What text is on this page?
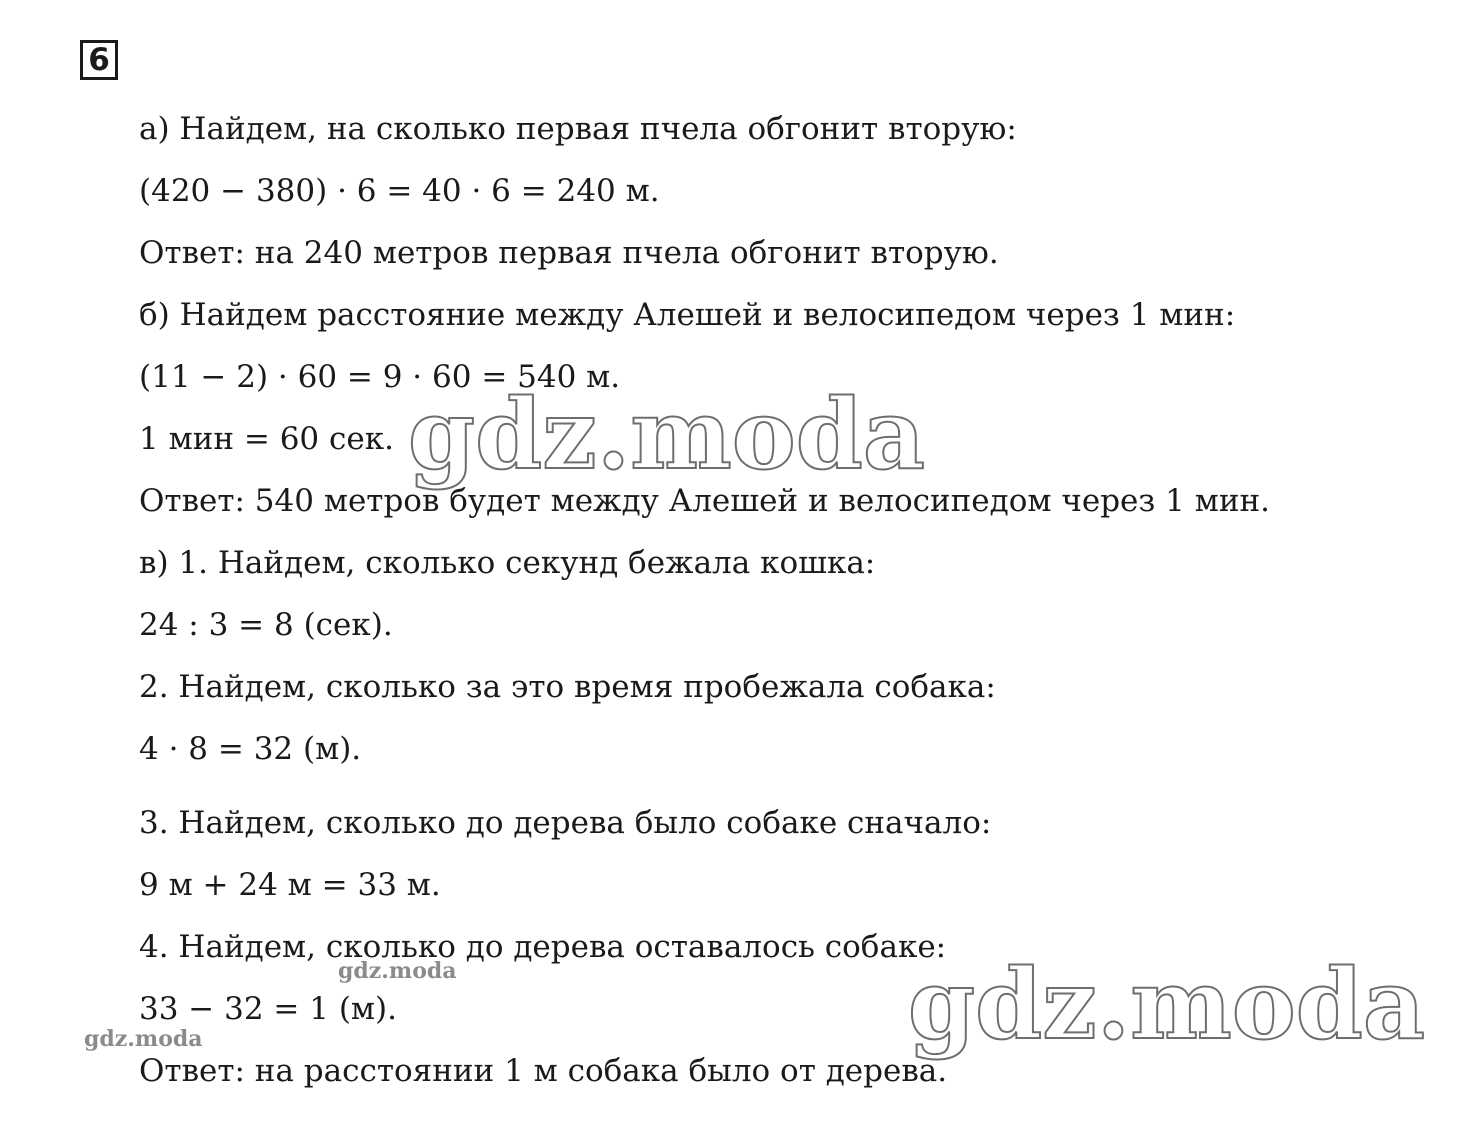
6
а) Найдем, на сколько первая пчела обгонит вторую:
(420 − 380) · 6 = 40 · 6 = 240 м.
Ответ: на 240 метров первая пчела обгонит вторую.
б) Найдем расстояние между Алешей и велосипедом через 1 мин:
(11 − 2) · 60 = 9 · 60 = 540 м.
1 мин = 60 сек.
Ответ: 540 метров будет между Алешей и велосипедом через 1 мин.
в) 1. Найдем, сколько секунд бежала кошка:
24 : 3 = 8 (сек).
2. Найдем, сколько за это время пробежала собака:
4 · 8 = 32 (м).
3. Найдем, сколько до дерева было собаке сначало:
9 м + 24 м = 33 м.
4. Найдем, сколько до дерева оставалось собаке:
33 − 32 = 1 (м).
Ответ: на расстоянии 1 м собака было от дерева.
gdz.moda
gdz.moda
gdz.moda
gdz.moda
